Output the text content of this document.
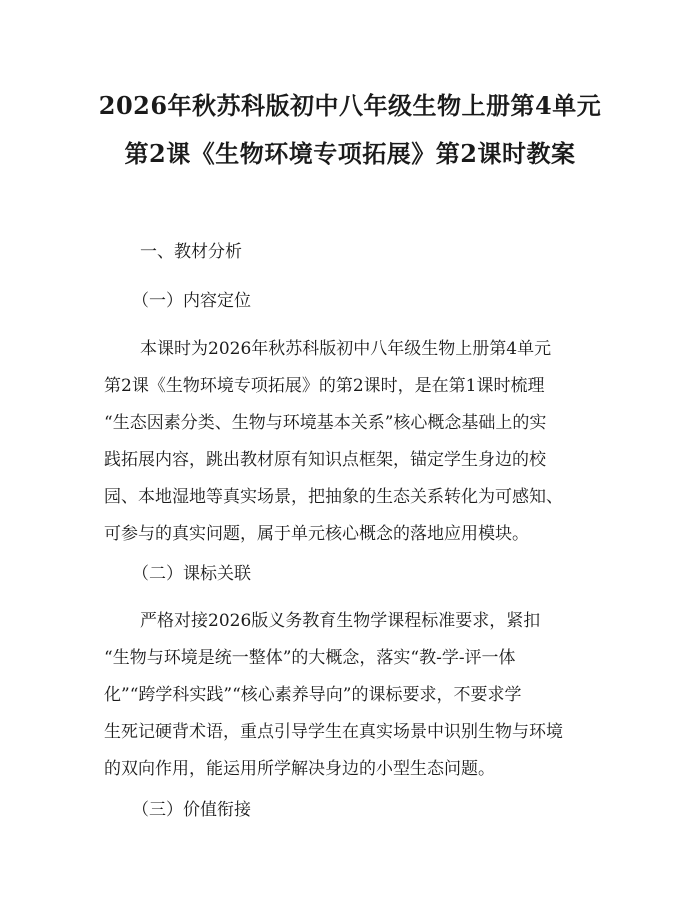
2026年秋苏科版初中八年级生物上册第4单元第2课《生物环境专项拓展》第2课时教案
一、教材分析
（一）内容定位
本课时为2026年秋苏科版初中八年级生物上册第4单元
第2课《生物环境专项拓展》的第2课时，是在第1课时梳理
“生态因素分类、生物与环境基本关系”核心概念基础上的实
践拓展内容，跳出教材原有知识点框架，锚定学生身边的校
园、本地湿地等真实场景，把抽象的生态关系转化为可感知、
可参与的真实问题，属于单元核心概念的落地应用模块。
（二）课标关联
严格对接2026版义务教育生物学课程标准要求，紧扣
“生物与环境是统一整体”的大概念，落实“教-学-评一体
化”“跨学科实践”“核心素养导向”的课标要求，不要求学
生死记硬背术语，重点引导学生在真实场景中识别生物与环境
的双向作用，能运用所学解决身边的小型生态问题。
（三）价值衔接
